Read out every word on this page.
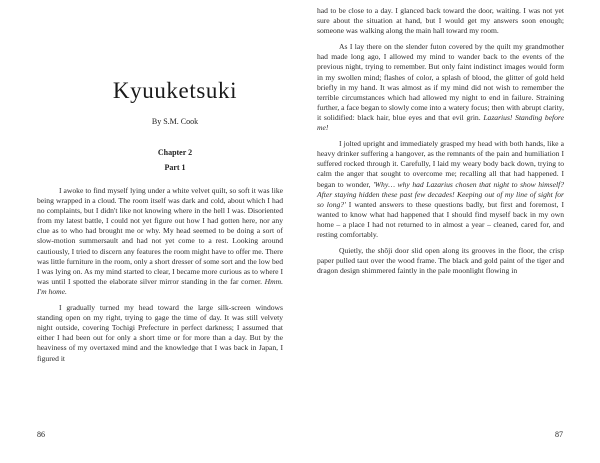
Kyuuketsuki
By S.M. Cook
Chapter 2
Part 1

I awoke to find myself lying under a white velvet quilt, so soft it was like being wrapped in a cloud. The room itself was dark and cold, about which I had no complaints, but I didn't like not knowing where in the hell I was. Disoriented from my latest battle, I could not yet figure out how I had gotten here, nor any clue as to who had brought me or why. My head seemed to be doing a sort of slow-motion summersault and had not yet come to a rest. Looking around cautiously, I tried to discern any features the room might have to offer me. There was little furniture in the room, only a short dresser of some sort and the low bed I was lying on. As my mind started to clear, I became more curious as to where I was until I spotted the elaborate silver mirror standing in the far corner. Hmm. I'm home.

I gradually turned my head toward the large silk-screen windows standing open on my right, trying to gage the time of day. It was still velvety night outside, covering Tochigi Prefecture in perfect darkness; I assumed that either I had been out for only a short time or for more than a day. But by the heaviness of my overtaxed mind and the knowledge that I was back in Japan, I figured it

86

had to be close to a day. I glanced back toward the door, waiting. I was not yet sure about the situation at hand, but I would get my answers soon enough; someone was walking along the main hall toward my room.

As I lay there on the slender futon covered by the quilt my grandmother had made long ago, I allowed my mind to wander back to the events of the previous night, trying to remember. But only faint indistinct images would form in my swollen mind; flashes of color, a splash of blood, the glitter of gold held briefly in my hand. It was almost as if my mind did not wish to remember the terrible circumstances which had allowed my night to end in failure. Straining further, a face began to slowly come into a watery focus; then with abrupt clarity, it solidified: black hair, blue eyes and that evil grin. Lazarius! Standing before me!

I jolted upright and immediately grasped my head with both hands, like a heavy drinker suffering a hangover, as the remnants of the pain and humiliation I suffered rocked through it. Carefully, I laid my weary body back down, trying to calm the anger that sought to overcome me; recalling all that had happened. I began to wonder, 'Why… why had Lazarius chosen that night to show himself? After staying hidden these past few decades! Keeping out of my line of sight for so long?' I wanted answers to these questions badly, but first and foremost, I wanted to know what had happened that I should find myself back in my own home – a place I had not returned to in almost a year – cleaned, cared for, and resting comfortably.

Quietly, the shōji door slid open along its grooves in the floor, the crisp paper pulled taut over the wood frame. The black and gold paint of the tiger and dragon design shimmered faintly in the pale moonlight flowing in

87
